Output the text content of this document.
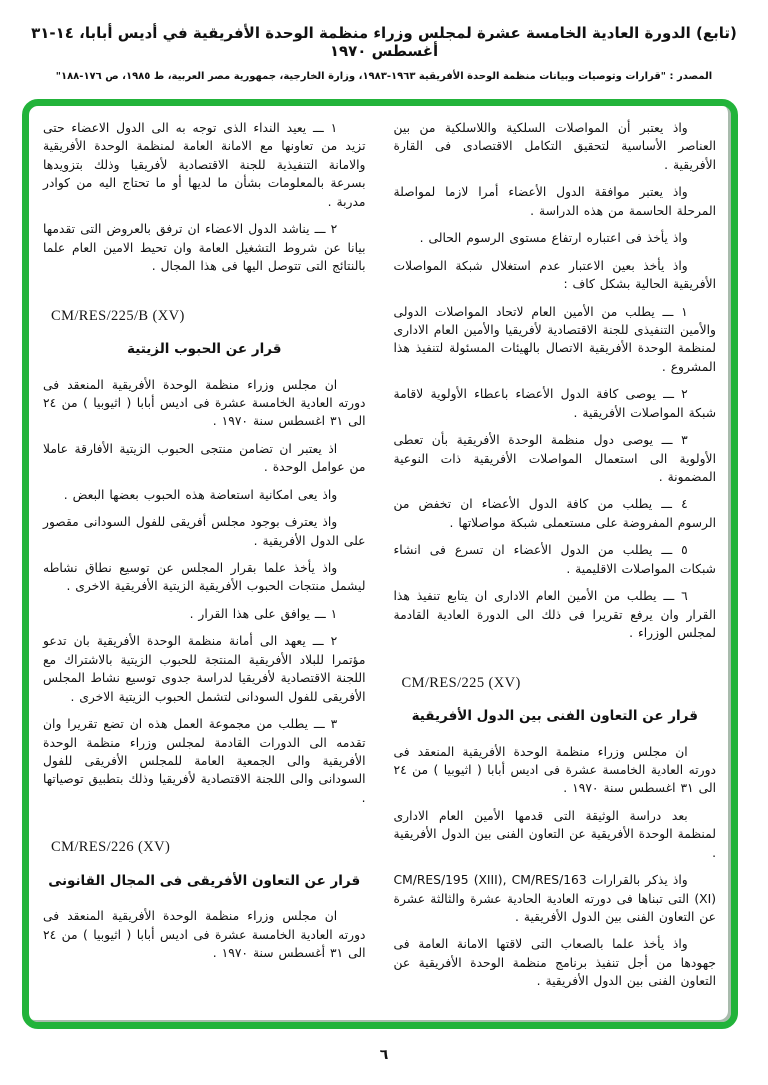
(تابع) الدورة العادية الخامسة عشرة لمجلس وزراء منظمة الوحدة الأفريقية في أديس أبابا، ١٤-٣١ أغسطس ١٩٧٠
المصدر : "قرارات وتوصيات وبيانات منظمة الوحدة الأفريقية ١٩٦٣-١٩٨٣، وزارة الخارجية، جمهورية مصر العربية، ط ١٩٨٥، ص ١٧٦-١٨٨"

واذ يعتبر أن المواصلات السلكية واللاسلكية من بين العناصر الأساسية لتحقيق التكامل الاقتصادى فى القارة الأفريقية .

واذ يعتبر موافقة الدول الأعضاء أمرا لازما لمواصلة المرحلة الحاسمة من هذه الدراسة .

واذ يأخذ فى اعتباره ارتفاع مستوى الرسوم الحالى .

واذ يأخذ بعين الاعتبار عدم استغلال شبكة المواصلات الأفريقية الحالية بشكل كاف :

١ ـــ يطلب من الأمين العام لاتحاد المواصلات الدولى والأمين التنفيذى للجنة الاقتصادية لأفريقيا والأمين العام الادارى لمنظمة الوحدة الأفريقية الاتصال بالهيئات المسئولة لتنفيذ هذا المشروع .

٢ ـــ يوصى كافة الدول الأعضاء باعطاء الأولوية لاقامة شبكة المواصلات الأفريقية .

٣ ـــ يوصى دول منظمة الوحدة الأفريقية بأن تعطى الأولوية الى استعمال المواصلات الأفريقية ذات النوعية المضمونة .

٤ ـــ يطلب من كافة الدول الأعضاء ان تخفض من الرسوم المفروضة على مستعملى شبكة مواصلاتها .

٥ ـــ يطلب من الدول الأعضاء ان تسرع فى انشاء شبكات المواصلات الاقليمية .

٦ ـــ يطلب من الأمين العام الادارى ان يتابع تنفيذ هذا القرار وان يرفع تقريرا فى ذلك الى الدورة العادية القادمة لمجلس الوزراء .

CM/RES/225 (XV)

قرار عن التعاون الفنى بين الدول الأفريقية

ان مجلس وزراء منظمة الوحدة الأفريقية المنعقد فى دورته العادية الخامسة عشرة فى اديس أبابا ( اثيوبيا ) من ٢٤ الى ٣١ اغسطس سنة ١٩٧٠ .

بعد دراسة الوثيقة التى قدمها الأمين العام الادارى لمنظمة الوحدة الأفريقية عن التعاون الفنى بين الدول الأفريقية .

واذ يذكر بالقرارات CM/RES/195 (XIII), CM/RES/163 (XI) التى تبناها فى دورته العادية الحادية عشرة والثالثة عشرة عن التعاون الفنى بين الدول الأفريقية .

واذ يأخذ علما بالصعاب التى لاقتها الامانة العامة فى جهودها من أجل تنفيذ برنامج منظمة الوحدة الأفريقية عن التعاون الفنى بين الدول الأفريقية .

١ ـــ يعيد النداء الذى توجه به الى الدول الاعضاء حتى تزيد من تعاونها مع الامانة العامة لمنظمة الوحدة الأفريقية والامانة التنفيذية للجنة الاقتصادية لأفريقيا وذلك بتزويدها بسرعة بالمعلومات بشأن ما لديها أو ما تحتاج اليه من كوادر مدربة .

٢ ـــ يناشد الدول الاعضاء ان ترفق بالعروض التى تقدمها بيانا عن شروط التشغيل العامة وان تحيط الامين العام علما بالنتائج التى تتوصل اليها فى هذا المجال .

CM/RES/225/B (XV)

قرار عن الحبوب الزيتية

ان مجلس وزراء منظمة الوحدة الأفريقية المنعقد فى دورته العادية الخامسة عشرة فى اديس أبابا ( اثيوبيا ) من ٢٤ الى ٣١ اغسطس سنة ١٩٧٠ .

اذ يعتبر ان تضامن منتجى الحبوب الزيتية الأفارقة عاملا من عوامل الوحدة .

واذ يعى امكانية استعاضة هذه الحبوب بعضها البعض .

واذ يعترف بوجود مجلس أفريقى للفول السودانى مقصور على الدول الأفريقية .

واذ يأخذ علما بقرار المجلس عن توسيع نطاق نشاطه ليشمل منتجات الحبوب الأفريقية الزيتية الأفريقية الاخرى .

١ ـــ يوافق على هذا القرار .

٢ ـــ يعهد الى أمانة منظمة الوحدة الأفريقية بان تدعو مؤتمرا للبلاد الأفريقية المنتجة للحبوب الزيتية بالاشتراك مع اللجنة الاقتصادية لأفريقيا لدراسة جدوى توسيع نشاط المجلس الأفريقى للفول السودانى لتشمل الحبوب الزيتية الاخرى .

٣ ـــ يطلب من مجموعة العمل هذه ان تضع تقريرا وان تقدمه الى الدورات القادمة لمجلس وزراء منظمة الوحدة الأفريقية والى الجمعية العامة للمجلس الأفريقى للفول السودانى والى اللجنة الاقتصادية لأفريقيا وذلك بتطبيق توصياتها .

CM/RES/226 (XV)

قرار عن التعاون الأفريقى فى المجال القانونى

ان مجلس وزراء منظمة الوحدة الأفريقية المنعقد فى دورته العادية الخامسة عشرة فى اديس أبابا ( اثيوبيا ) من ٢٤ الى ٣١ أغسطس سنة ١٩٧٠ .

٦
